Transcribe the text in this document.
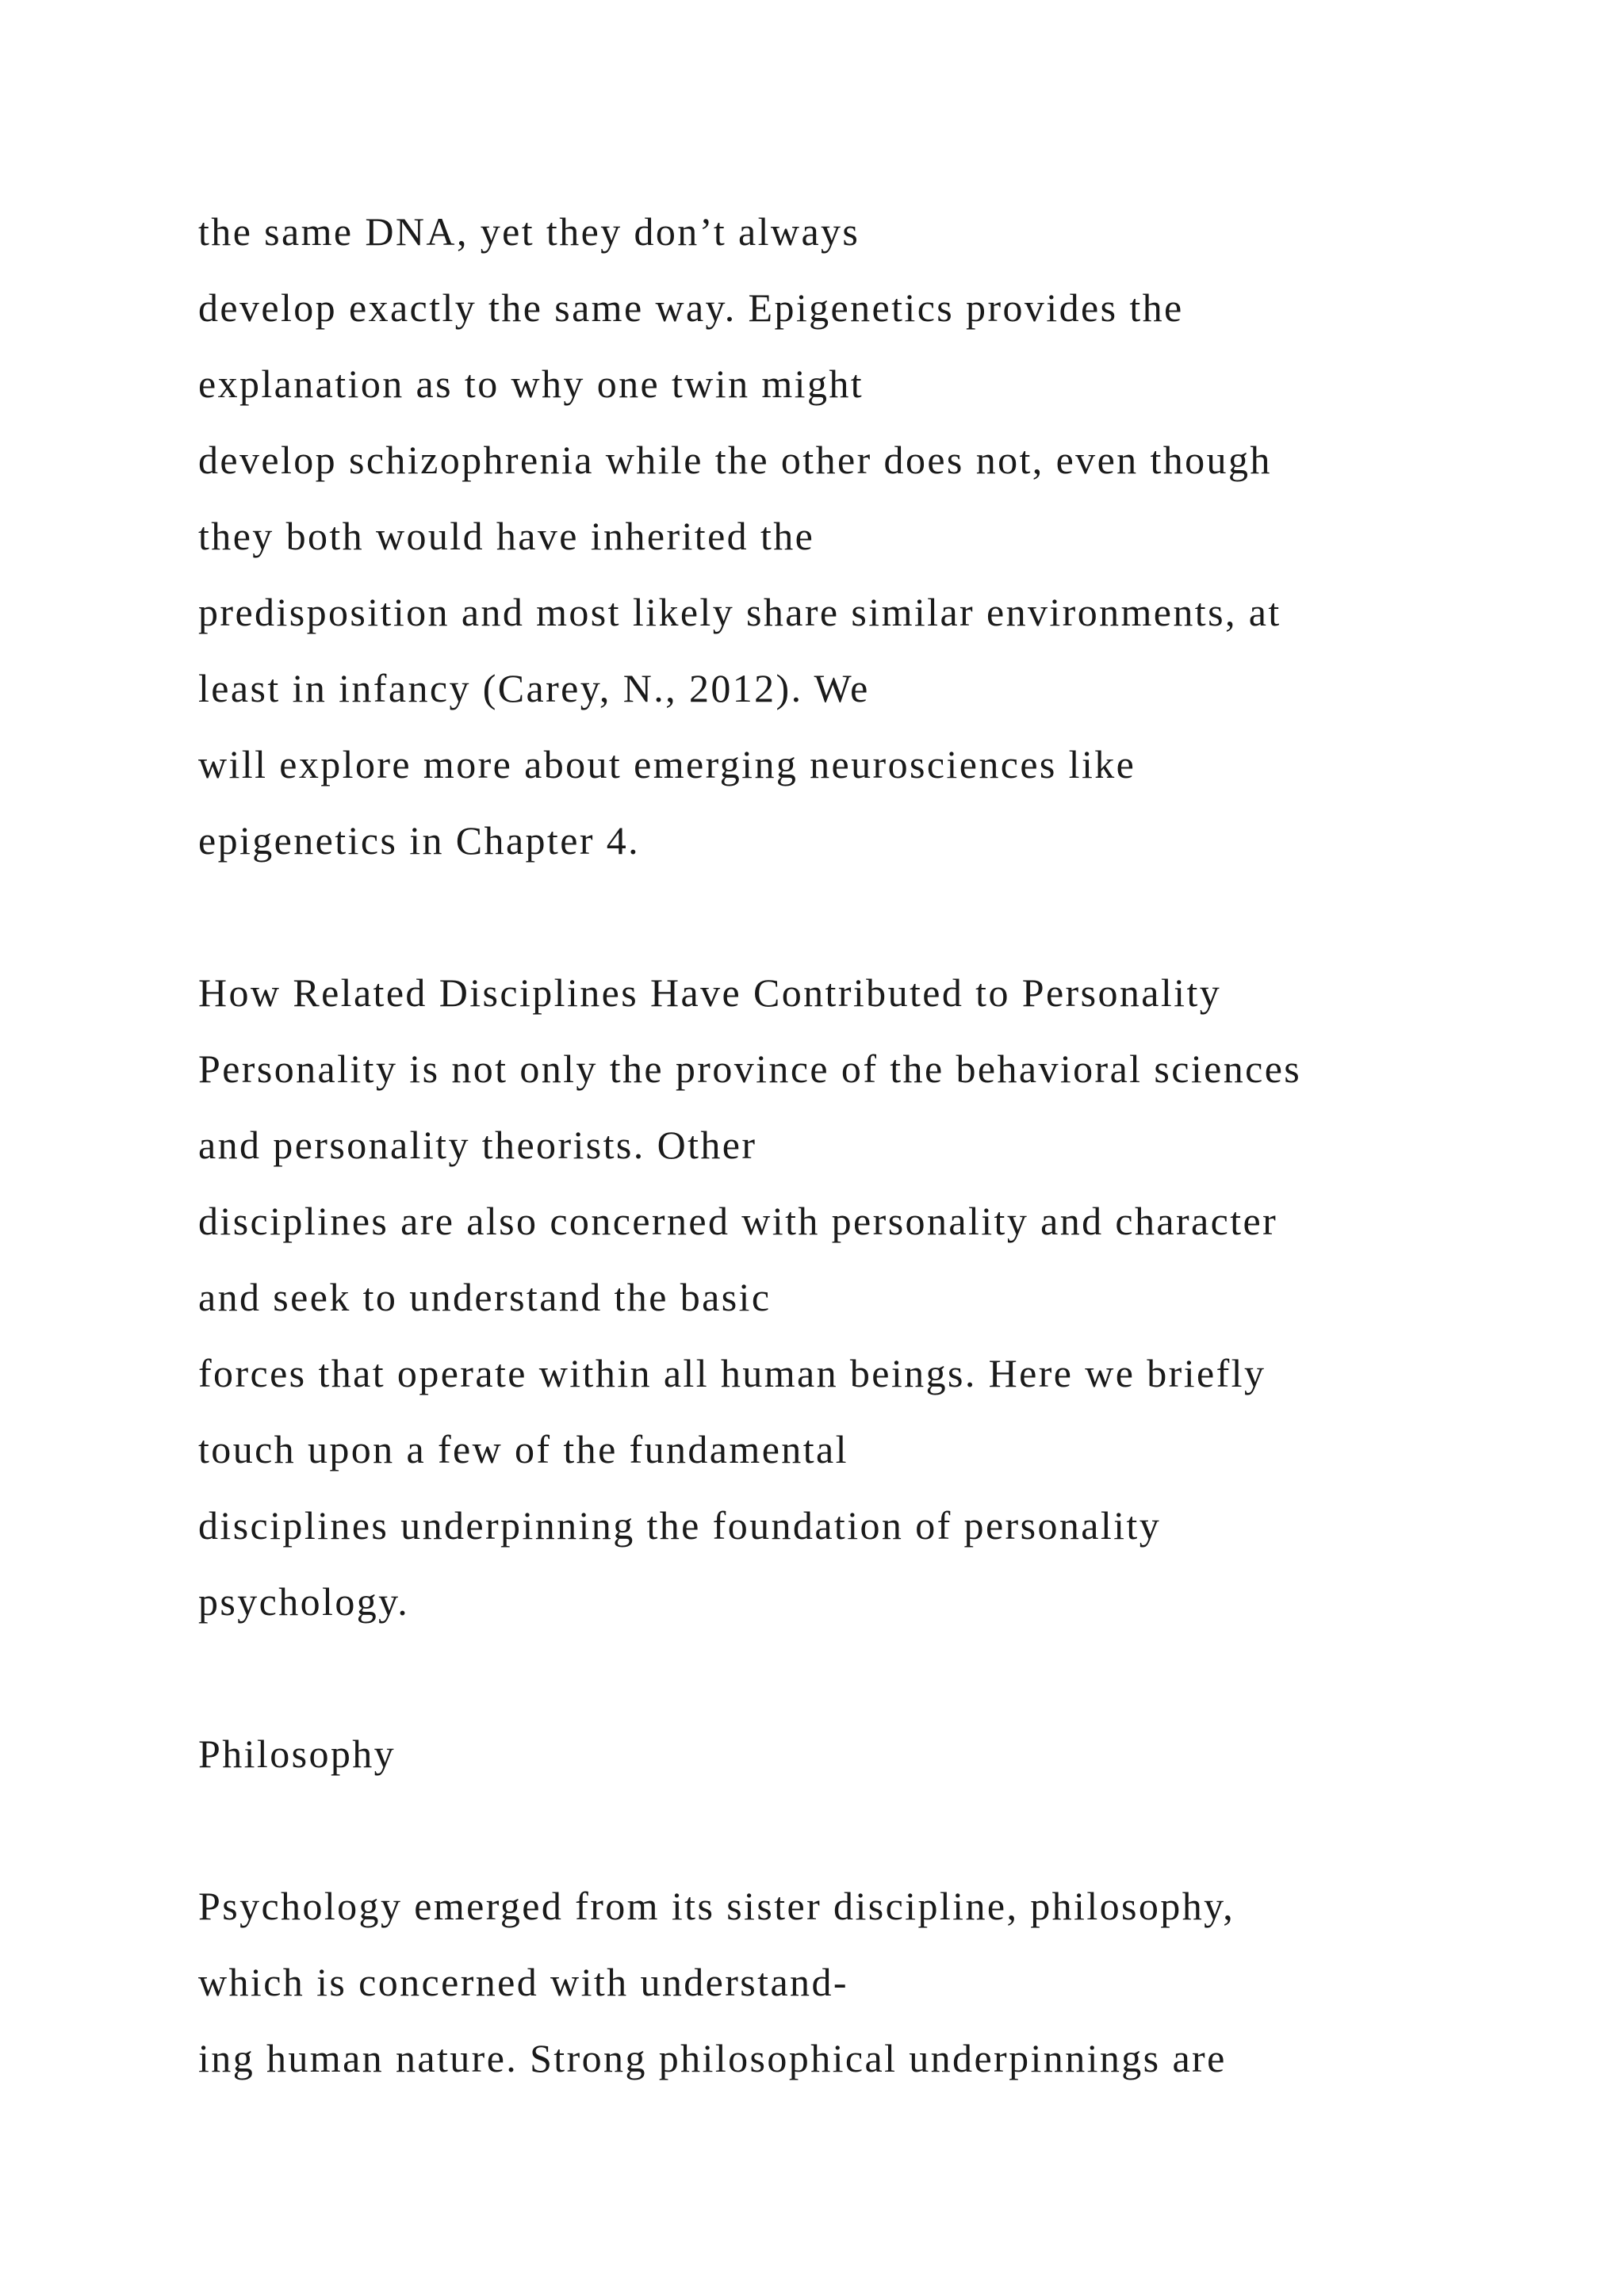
the same DNA, yet they don’t always
develop exactly the same way. Epigenetics provides the
explanation as to why one twin might
develop schizophrenia while the other does not, even though
they both would have inherited the
predisposition and most likely share similar environments, at
least in infancy (Carey, N., 2012). We
will explore more about emerging neurosciences like
epigenetics in Chapter 4.
How Related Disciplines Have Contributed to Personality
Personality is not only the province of the behavioral sciences
and personality theorists. Other
disciplines are also concerned with personality and character
and seek to understand the basic
forces that operate within all human beings. Here we briefly
touch upon a few of the fundamental
disciplines underpinning the foundation of personality
psychology.
Philosophy
Psychology emerged from its sister discipline, philosophy,
which is concerned with understand-
ing human nature. Strong philosophical underpinnings are
